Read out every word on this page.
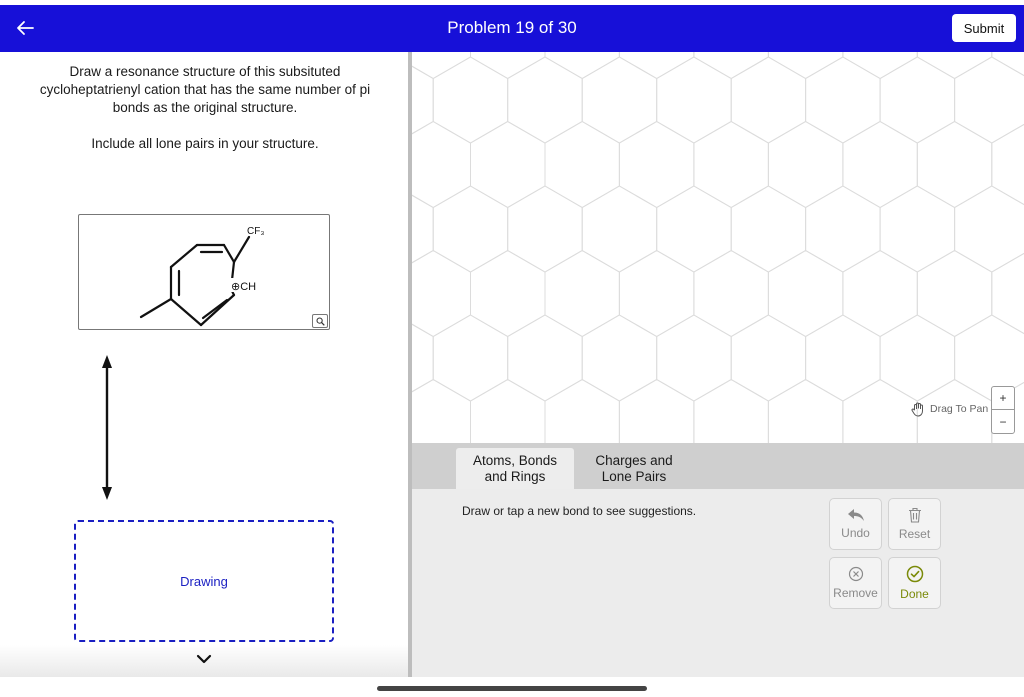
Problem 19 of 30	Submit

Draw a resonance structure of this subsituted cycloheptatrienyl cation that has the same number of pi bonds as the original structure.

Include all lone pairs in your structure.

⊕CH
CF₃
Drawing
Drag To Pan
+
−
Atoms, Bonds
and Rings
Charges and
Lone Pairs
Draw or tap a new bond to see suggestions.
Undo Reset
Remove Done
